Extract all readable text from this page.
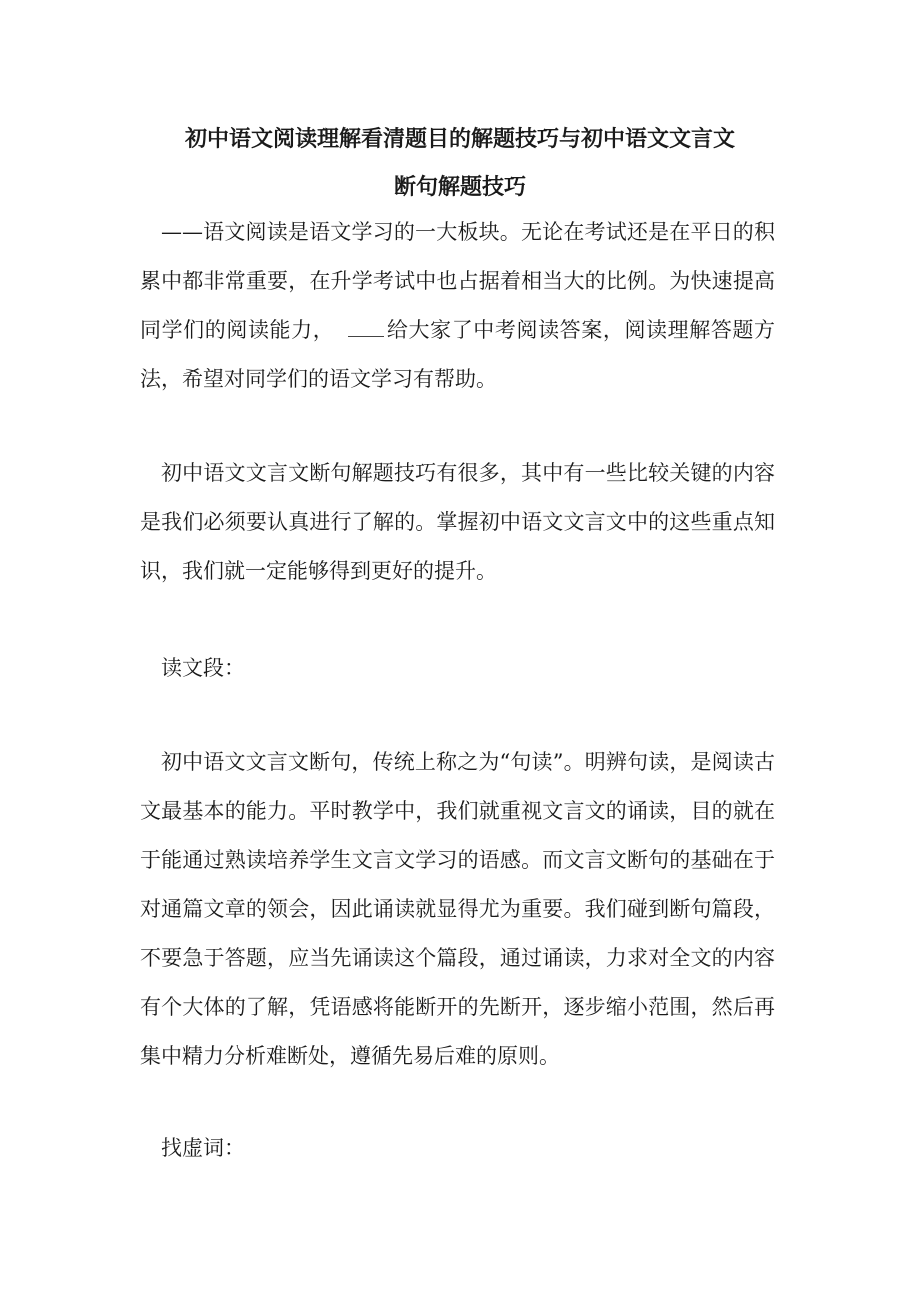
初中语文阅读理解看清题目的解题技巧与初中语文文言文
断句解题技巧
——语文阅读是语文学习的一大板块。无论在考试还是在平日的积累中都非常重要，在升学考试中也占据着相当大的比例。为快速提高同学们的阅读能力， 给大家了中考阅读答案，阅读理解答题方法，希望对同学们的语文学习有帮助。
初中语文文言文断句解题技巧有很多，其中有一些比较关键的内容是我们必须要认真进行了解的。掌握初中语文文言文中的这些重点知识，我们就一定能够得到更好的提升。
读文段：
初中语文文言文断句，传统上称之为“句读”。明辨句读，是阅读古文最基本的能力。平时教学中，我们就重视文言文的诵读，目的就在于能通过熟读培养学生文言文学习的语感。而文言文断句的基础在于对通篇文章的领会，因此诵读就显得尤为重要。我们碰到断句篇段，不要急于答题，应当先诵读这个篇段，通过诵读，力求对全文的内容有个大体的了解，凭语感将能断开的先断开，逐步缩小范围，然后再集中精力分析难断处，遵循先易后难的原则。
找虚词：
